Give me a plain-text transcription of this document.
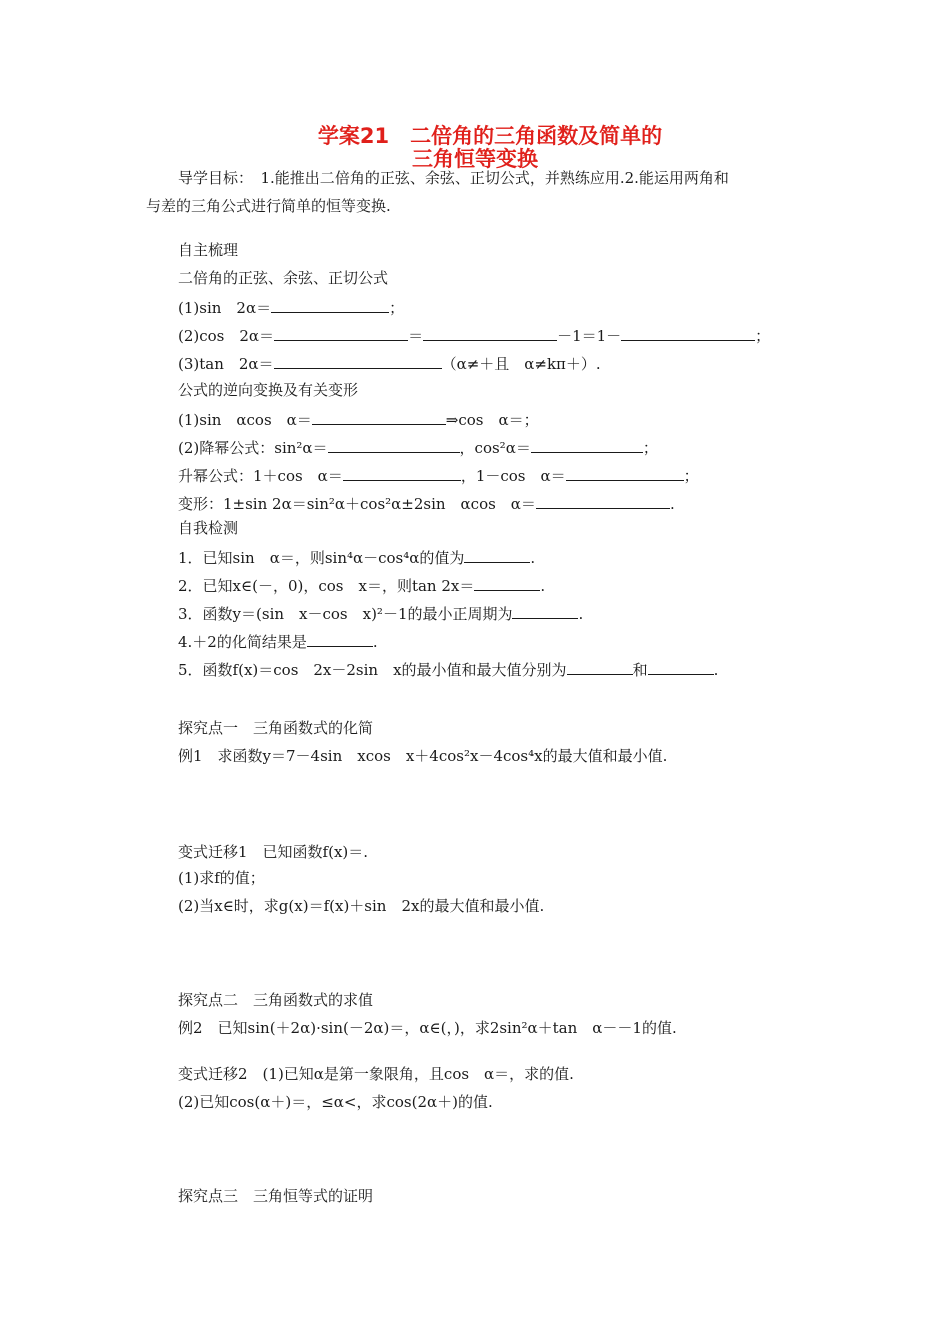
学案21　二倍角的三角函数及简单的
三角恒等变换
导学目标：　1.能推出二倍角的正弦、余弦、正切公式，并熟练应用.2.能运用两角和
与差的三角公式进行简单的恒等变换.
自主梳理
二倍角的正弦、余弦、正切公式
(1)sin　2α＝	；
(2)cos　2α＝	＝	－1＝1－	；
(3)tan　2α＝	（α≠＋且　α≠kπ＋）.
公式的逆向变换及有关变形
(1)sin　αcos　α＝	⇒cos　α＝；
(2)降幂公式：sin²α＝	，cos²α＝	；
升幂公式：1＋cos　α＝	，1－cos　α＝	；
变形：1±sin 2α＝sin²α＋cos²α±2sin　αcos　α＝	.
自我检测
1．已知sin　α＝，则sin⁴α－cos⁴α的值为	.
2．已知x∈(－，0)，cos　x＝，则tan 2x＝	.
3．函数y＝(sin　x－cos　x)²－1的最小正周期为	.
4.＋2的化简结果是	.
5．函数f(x)＝cos　2x－2sin　x的最小值和最大值分别为	和	.
探究点一　三角函数式的化简
例1　求函数y＝7－4sin　xcos　x＋4cos²x－4cos⁴x的最大值和最小值.
变式迁移1　已知函数f(x)＝.
(1)求f的值；
(2)当x∈时，求g(x)＝f(x)＋sin　2x的最大值和最小值.
探究点二　三角函数式的求值
例2　已知sin(＋2α)·sin(－2α)＝，α∈(，)，求2sin²α＋tan　α－－1的值.
变式迁移2　(1)已知α是第一象限角，且cos　α＝，求的值.
(2)已知cos(α＋)＝，≤α<，求cos(2α＋)的值.
探究点三　三角恒等式的证明
